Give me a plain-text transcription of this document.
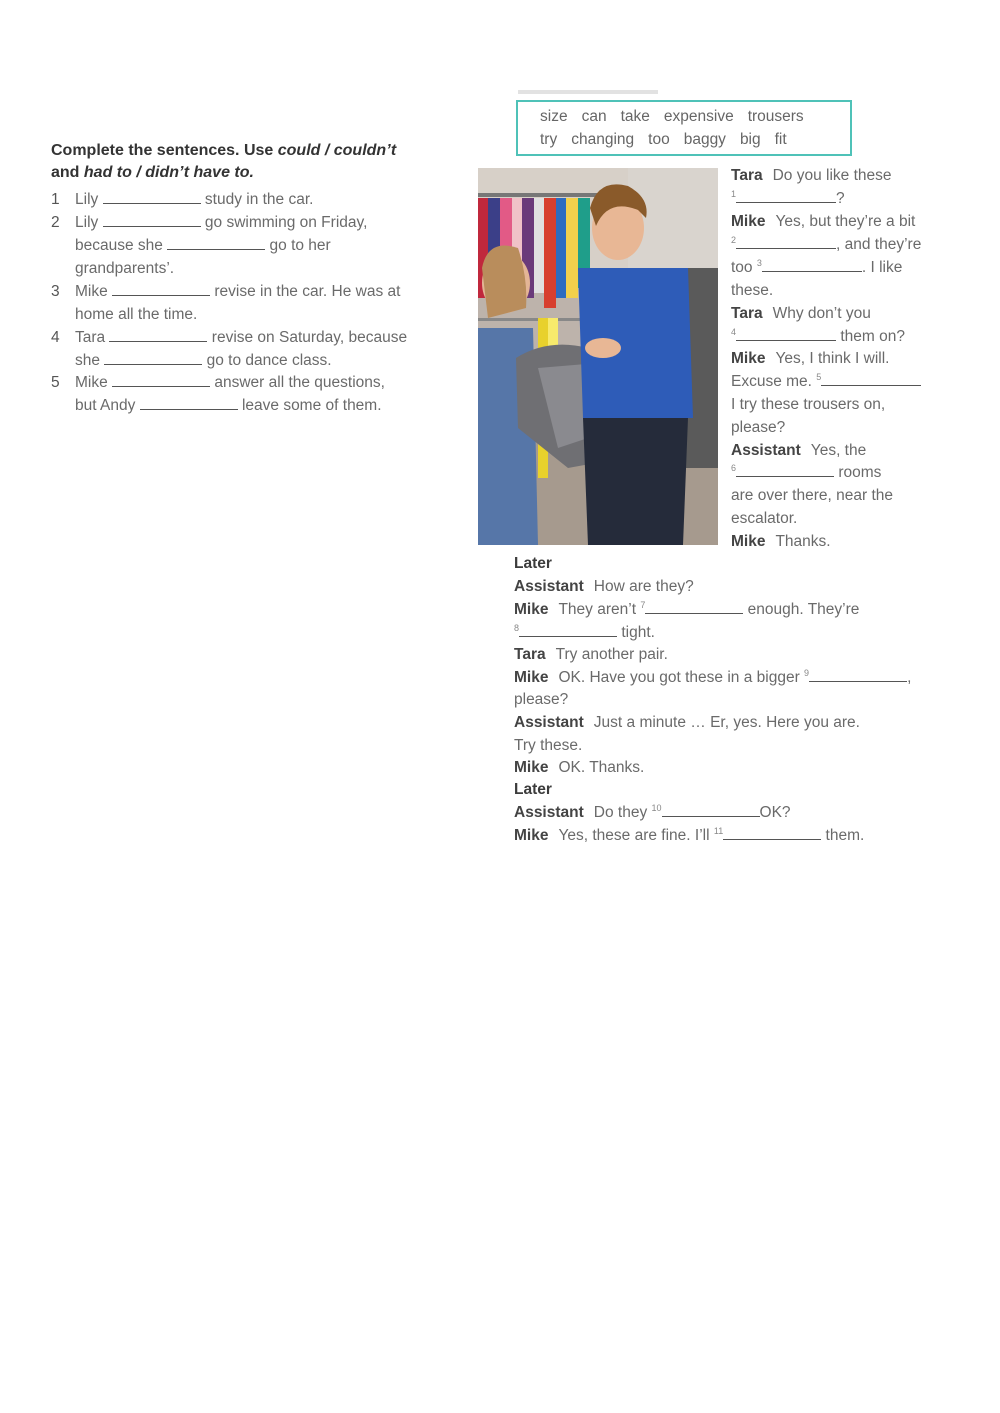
Complete the sentences. Use could / couldn’t
and had to / didn’t have to.
1 Lily	study in the car.
2 Lily	go swimming on Friday,
because she	go to her
grandparents’.
3 Mike	revise in the car. He was at
home all the time.
4 Tara	revise on Saturday, because
she	go to dance class.
5 Mike	answer all the questions,
but Andy	leave some of them.
size can take expensive trousers
try changing too baggy big fit
Tara Do you like these
$^1$	?
Mike Yes, but they’re a bit
$^2$	, and they’re
too $^3$	. I like
these.
Tara Why don’t you
$^4$	them on?
Mike Yes, I think I will.
Excuse me. $^5$
I try these trousers on,
please?
Assistant Yes, the
$^6$	rooms
are over there, near the
escalator.
Mike Thanks.
Later
Assistant How are they?
Mike They aren’t $^7$	enough. They’re
$^8$	tight.
Tara Try another pair.
Mike OK. Have you got these in a bigger $^9$	,
please?
Assistant Just a minute … Er, yes. Here you are.
Try these.
Mike OK. Thanks.
Later
Assistant Do they $^{10}$	OK?
Mike Yes, these are fine. I’ll $^{11}$	them.
